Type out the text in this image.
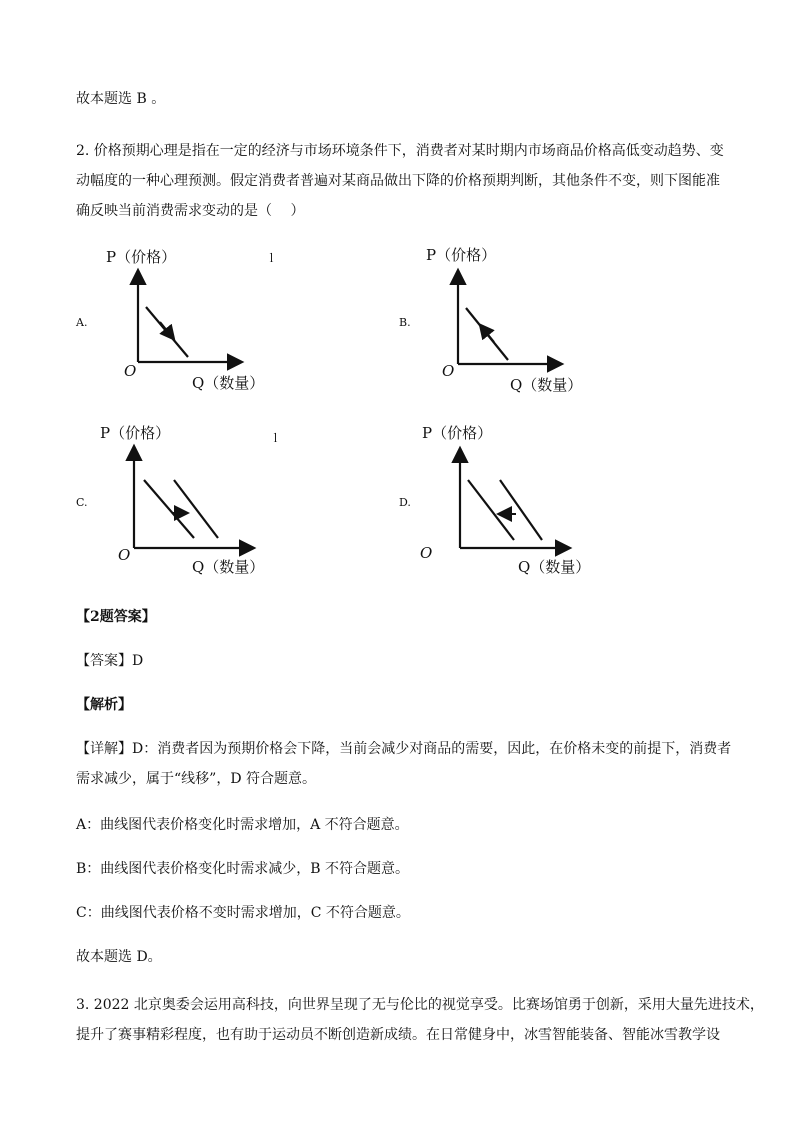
故本题选 B 。
2. 价格预期心理是指在一定的经济与市场环境条件下，消费者对某时期内市场商品价格高低变动趋势、变
动幅度的一种心理预测。假定消费者普遍对某商品做出下降的价格预期判断，其他条件不变，则下图能准
确反映当前消费需求变动的是（　 ）
A.	B.
C.	D.
P（价格）
O
Q（数量）
ｌ	P（价格）
O
Q（数量）
P（价格）
O
Q（数量）
ｌ	P（价格）
O
Q（数量）
【2题答案】
【答案】D
【解析】
【详解】D：消费者因为预期价格会下降，当前会减少对商品的需要，因此，在价格未变的前提下，消费者
需求减少，属于“线移”，D 符合题意。
A：曲线图代表价格变化时需求增加，A 不符合题意。
B：曲线图代表价格变化时需求减少，B 不符合题意。
C：曲线图代表价格不变时需求增加，C 不符合题意。
故本题选 D。
3. 2022 北京奥委会运用高科技，向世界呈现了无与伦比的视觉享受。比赛场馆勇于创新，采用大量先进技术，
提升了赛事精彩程度，也有助于运动员不断创造新成绩。在日常健身中，冰雪智能装备、智能冰雪教学设
